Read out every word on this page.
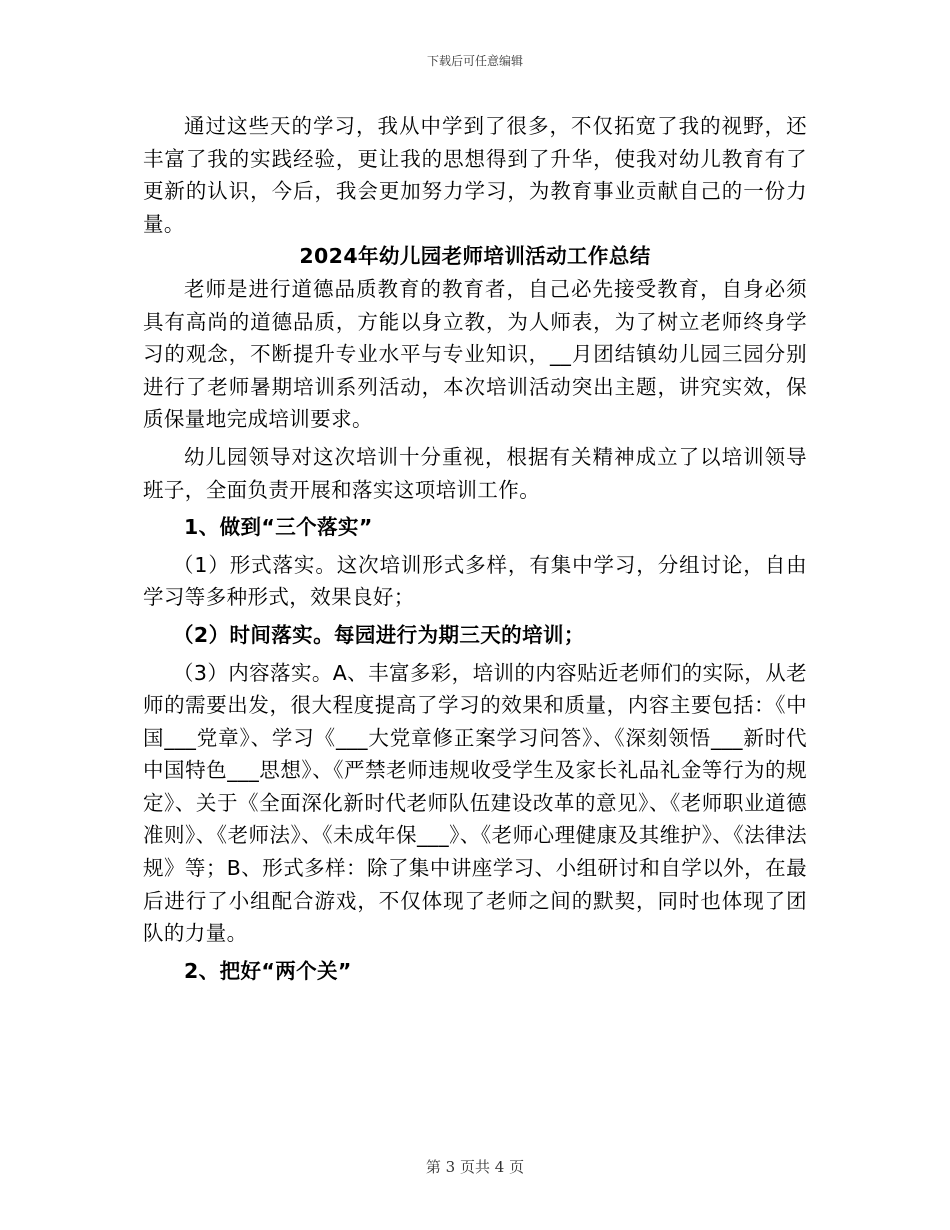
下载后可任意编辑

通过这些天的学习，我从中学到了很多，不仅拓宽了我的视野，还丰富了我的实践经验，更让我的思想得到了升华，使我对幼儿教育有了更新的认识，今后，我会更加努力学习，为教育事业贡献自己的一份力量。

2024年幼儿园老师培训活动工作总结

老师是进行道德品质教育的教育者，自己必先接受教育，自身必须具有高尚的道德品质，方能以身立教，为人师表，为了树立老师终身学习的观念，不断提升专业水平与专业知识，__月团结镇幼儿园三园分别进行了老师暑期培训系列活动，本次培训活动突出主题，讲究实效，保质保量地完成培训要求。

幼儿园领导对这次培训十分重视，根据有关精神成立了以培训领导班子，全面负责开展和落实这项培训工作。

1、做到“三个落实”

（1）形式落实。这次培训形式多样，有集中学习，分组讨论，自由学习等多种形式，效果良好；

（2）时间落实。每园进行为期三天的培训；

（3）内容落实。A、丰富多彩，培训的内容贴近老师们的实际，从老师的需要出发，很大程度提高了学习的效果和质量，内容主要包括：《中国___党章》、学习《___大党章修正案学习问答》、《深刻领悟___新时代中国特色___思想》、《严禁老师违规收受学生及家长礼品礼金等行为的规定》、关于《全面深化新时代老师队伍建设改革的意见》、《老师职业道德准则》、《老师法》、《未成年保___》、《老师心理健康及其维护》、《法律法规》等；B、形式多样：除了集中讲座学习、小组研讨和自学以外，在最后进行了小组配合游戏，不仅体现了老师之间的默契，同时也体现了团队的力量。

2、把好“两个关”

第 3 页共 4 页
